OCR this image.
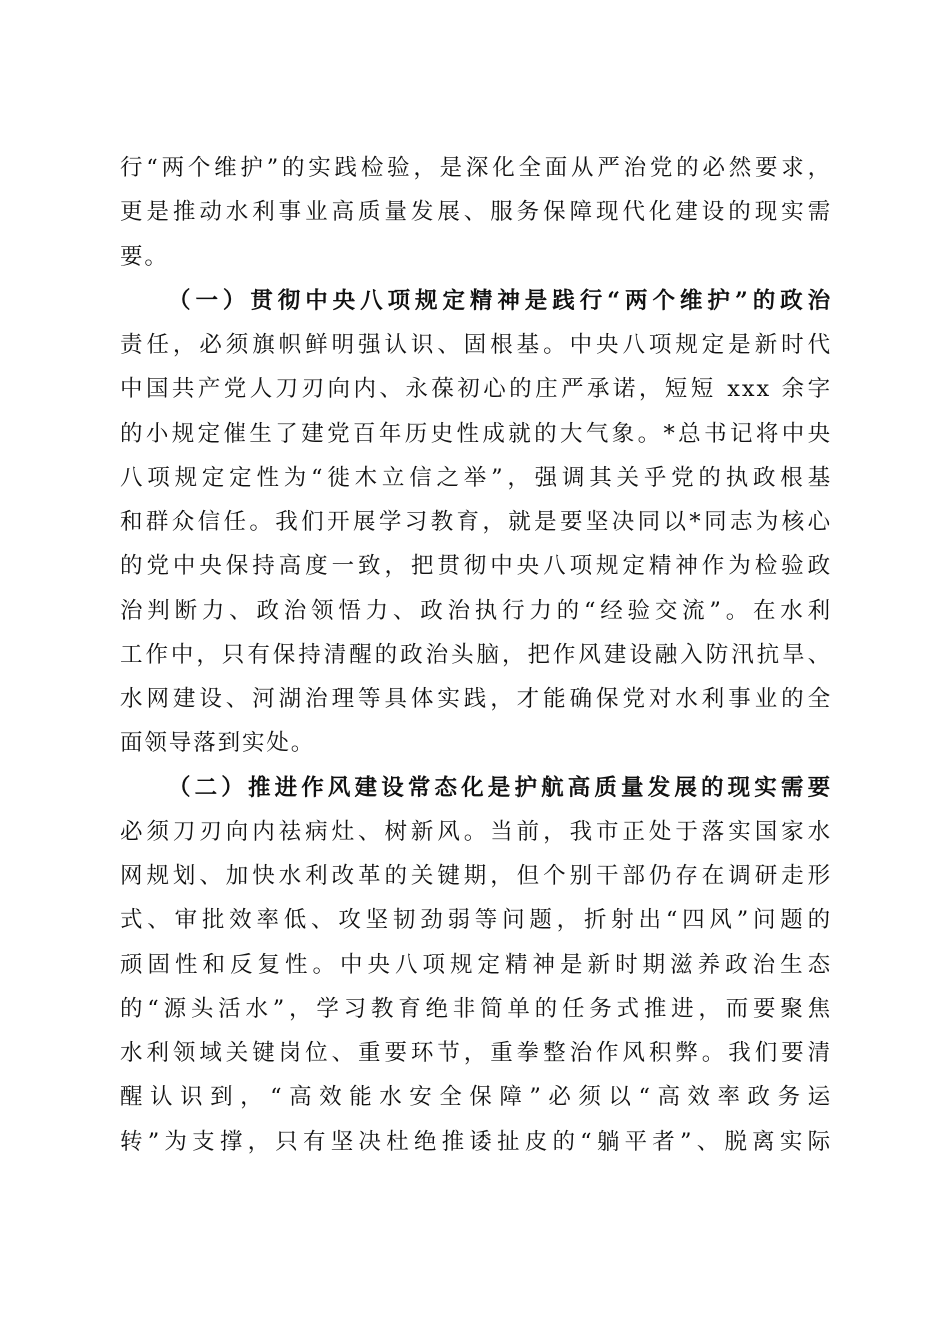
行“两个维护”的实践检验，是深化全面从严治党的必然要求，
更是推动水利事业高质量发展、服务保障现代化建设的现实需
要。
（一）贯彻中央八项规定精神是践行“两个维护”的政治
责任，必须旗帜鲜明强认识、固根基。中央八项规定是新时代
中国共产党人刀刃向内、永葆初心的庄严承诺，短短 xxx 余字
的小规定催生了建党百年历史性成就的大气象。*总书记将中央
八项规定定性为“徙木立信之举”，强调其关乎党的执政根基
和群众信任。我们开展学习教育，就是要坚决同以*同志为核心
的党中央保持高度一致，把贯彻中央八项规定精神作为检验政
治判断力、政治领悟力、政治执行力的“经验交流”。在水利
工作中，只有保持清醒的政治头脑，把作风建设融入防汛抗旱、
水网建设、河湖治理等具体实践，才能确保党对水利事业的全
面领导落到实处。
（二）推进作风建设常态化是护航高质量发展的现实需要
必须刀刃向内祛病灶、树新风。当前，我市正处于落实国家水
网规划、加快水利改革的关键期，但个别干部仍存在调研走形
式、审批效率低、攻坚韧劲弱等问题，折射出“四风”问题的
顽固性和反复性。中央八项规定精神是新时期滋养政治生态
的“源头活水”，学习教育绝非简单的任务式推进，而要聚焦
水利领域关键岗位、重要环节，重拳整治作风积弊。我们要清
醒认识到，“高效能水安全保障”必须以“高效率政务运
转”为支撑，只有坚决杜绝推诿扯皮的“躺平者”、脱离实际
